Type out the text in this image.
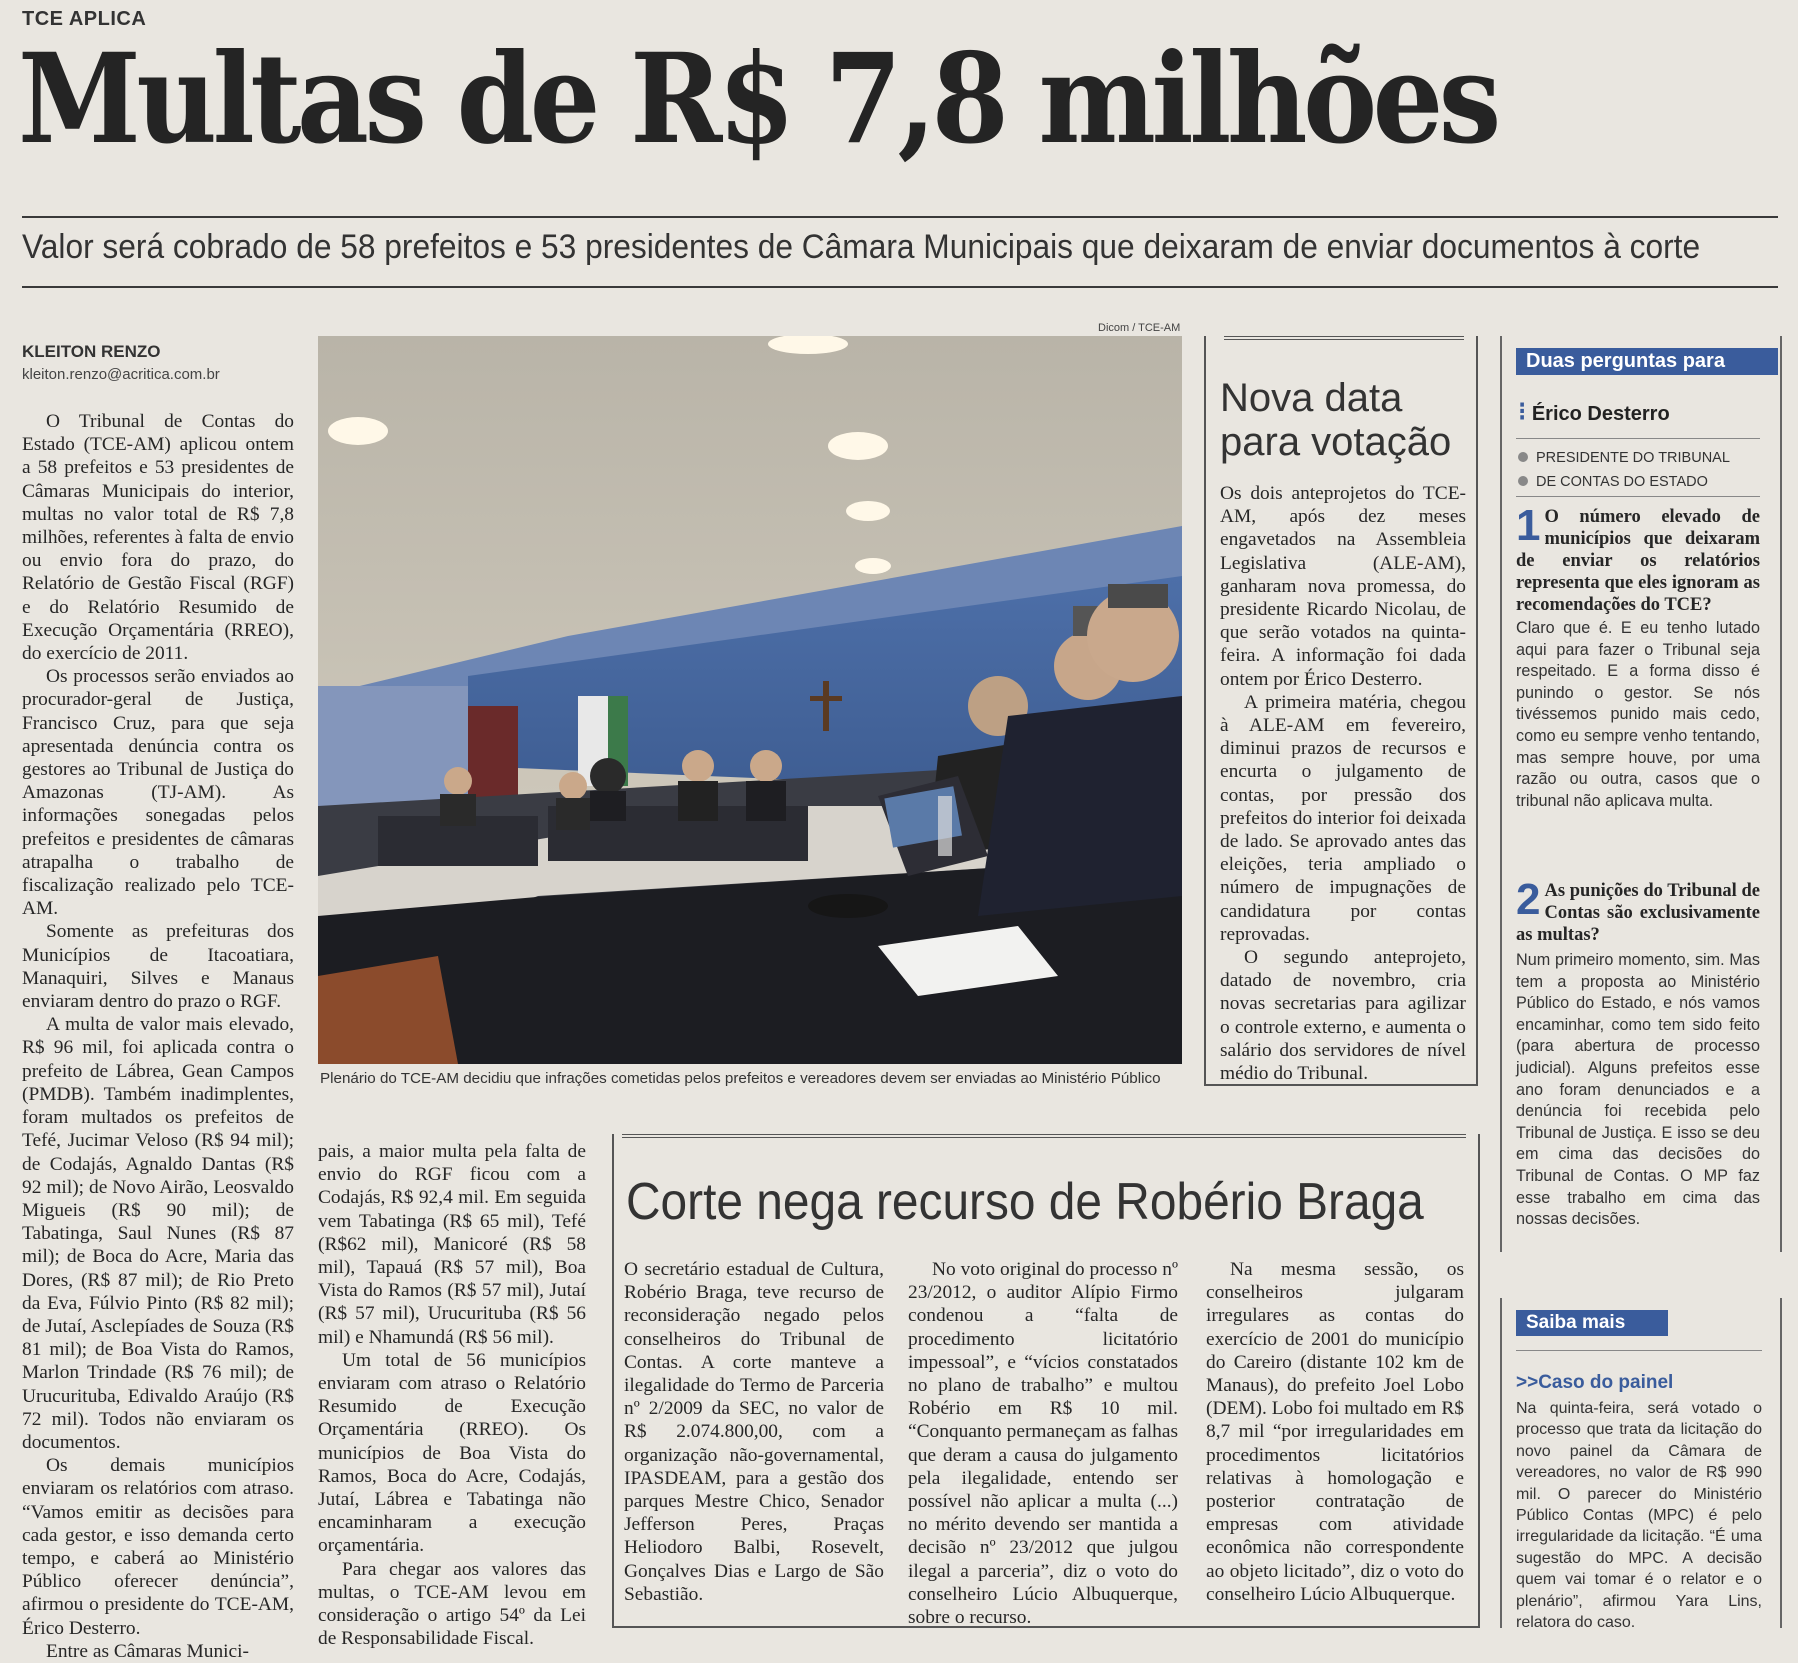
TCE APLICA
Multas de R$ 7,8 milhões
Valor será cobrado de 58 prefeitos e 53 presidentes de Câmara Municipais que deixaram de enviar documentos à corte
KLEITON RENZO
kleiton.renzo@acritica.com.br

O Tribunal de Contas do Estado (TCE-AM) aplicou ontem a 58 prefeitos e 53 presidentes de Câmaras Municipais do interior, multas no valor total de R$ 7,8 milhões, referentes à falta de envio ou envio fora do prazo, do Relatório de Gestão Fiscal (RGF) e do Relatório Resumido de Execução Orçamentária (RREO), do exercício de 2011.

Os processos serão enviados ao procurador-geral de Justiça, Francisco Cruz, para que seja apresentada denúncia contra os gestores ao Tribunal de Justiça do Amazonas (TJ-AM). As informações sonegadas pelos prefeitos e presidentes de câmaras atrapalha o trabalho de fiscalização realizado pelo TCE-AM.

Somente as prefeituras dos Municípios de Itacoatiara, Manaquiri, Silves e Manaus enviaram dentro do prazo o RGF.

A multa de valor mais elevado, R$ 96 mil, foi aplicada contra o prefeito de Lábrea, Gean Campos (PMDB). Também inadimplentes, foram multados os prefeitos de Tefé, Jucimar Veloso (R$ 94 mil); de Codajás, Agnaldo Dantas (R$ 92 mil); de Novo Airão, Leosvaldo Migueis (R$ 90 mil); de Tabatinga, Saul Nunes (R$ 87 mil); de Boca do Acre, Maria das Dores, (R$ 87 mil); de Rio Preto da Eva, Fúlvio Pinto (R$ 82 mil); de Jutaí, Asclepíades de Souza (R$ 81 mil); de Boa Vista do Ramos, Marlon Trindade (R$ 76 mil); de Urucurituba, Edivaldo Araújo (R$ 72 mil). Todos não enviaram os documentos.

Os demais municípios enviaram os relatórios com atraso. “Vamos emitir as decisões para cada gestor, e isso demanda certo tempo, e caberá ao Ministério Público oferecer denúncia”, afirmou o presidente do TCE-AM, Érico Desterro.

Entre as Câmaras Munici-

Dicom / TCE-AM
Plenário do TCE-AM decidiu que infrações cometidas pelos prefeitos e vereadores devem ser enviadas ao Ministério Público

pais, a maior multa pela falta de envio do RGF ficou com a Codajás, R$ 92,4 mil. Em seguida vem Tabatinga (R$ 65 mil), Tefé (R$62 mil), Manicoré (R$ 58 mil), Tapauá (R$ 57 mil), Boa Vista do Ramos (R$ 57 mil), Jutaí (R$ 57 mil), Urucurituba (R$ 56 mil) e Nhamundá (R$ 56 mil).

Um total de 56 municípios enviaram com atraso o Relatório Resumido de Execução Orçamentária (RREO). Os municípios de Boa Vista do Ramos, Boca do Acre, Codajás, Jutaí, Lábrea e Tabatinga não encaminharam a execução orçamentária.

Para chegar aos valores das multas, o TCE-AM levou em consideração o artigo 54º da Lei de Responsabilidade Fiscal.

Nova data
para votação

Os dois anteprojetos do TCE-AM, após dez meses engavetados na Assembleia Legislativa (ALE-AM), ganharam nova promessa, do presidente Ricardo Nicolau, de que serão votados na quinta-feira. A informação foi dada ontem por Érico Desterro.

A primeira matéria, chegou à ALE-AM em fevereiro, diminui prazos de recursos e encurta o julgamento de contas, por pressão dos prefeitos do interior foi deixada de lado. Se aprovado antes das eleições, teria ampliado o número de impugnações de candidatura por contas reprovadas.

O segundo anteprojeto, datado de novembro, cria novas secretarias para agilizar o controle externo, e aumenta o salário dos servidores de nível médio do Tribunal.

Corte nega recurso de Robério Braga

O secretário estadual de Cultura, Robério Braga, teve recurso de reconsideração negado pelos conselheiros do Tribunal de Contas. A corte manteve a ilegalidade do Termo de Parceria nº 2/2009 da SEC, no valor de R$ 2.074.800,00, com a organização não-governamental, IPASDEAM, para a gestão dos parques Mestre Chico, Senador Jefferson Peres, Praças Heliodoro Balbi, Rosevelt, Gonçalves Dias e Largo de São Sebastião.

No voto original do processo nº 23/2012, o auditor Alípio Firmo condenou a “falta de procedimento licitatório impessoal”, e “vícios constatados no plano de trabalho” e multou Robério em R$ 10 mil. “Conquanto permaneçam as falhas que deram a causa do julgamento pela ilegalidade, entendo ser possível não aplicar a multa (...) no mérito devendo ser mantida a decisão nº 23/2012 que julgou ilegal a parceria”, diz o voto do conselheiro Lúcio Albuquerque, sobre o recurso.

Na mesma sessão, os conselheiros julgaram irregulares as contas do exercício de 2001 do município do Careiro (distante 102 km de Manaus), do prefeito Joel Lobo (DEM). Lobo foi multado em R$ 8,7 mil “por irregularidades em procedimentos licitatórios relativas à homologação e posterior contratação de empresas com atividade econômica não correspondente ao objeto licitado”, diz o voto do conselheiro Lúcio Albuquerque.

Duas perguntas para
⁝ Érico Desterro
PRESIDENTE DO TRIBUNAL
DE CONTAS DO ESTADO
1 O número elevado de municípios que deixaram de enviar os relatórios representa que eles ignoram as recomendações do TCE?
Claro que é. E eu tenho lutado aqui para fazer o Tribunal seja respeitado. E a forma disso é punindo o gestor. Se nós tivéssemos punido mais cedo, como eu sempre venho tentando, mas sempre houve, por uma razão ou outra, casos que o tribunal não aplicava multa.
2 As punições do Tribunal de Contas são exclusivamente as multas?
Num primeiro momento, sim. Mas tem a proposta ao Ministério Público do Estado, e nós vamos encaminhar, como tem sido feito (para abertura de processo judicial). Alguns prefeitos esse ano foram denunciados e a denúncia foi recebida pelo Tribunal de Justiça. E isso se deu em cima das decisões do Tribunal de Contas. O MP faz esse trabalho em cima das nossas decisões.
Saiba mais
>>Caso do painel
Na quinta-feira, será votado o processo que trata da licitação do novo painel da Câmara de vereadores, no valor de R$ 990 mil. O parecer do Ministério Público Contas (MPC) é pelo irregularidade da licitação. “É uma sugestão do MPC. A decisão quem vai tomar é o relator e o plenário”, afirmou Yara Lins, relatora do caso.
